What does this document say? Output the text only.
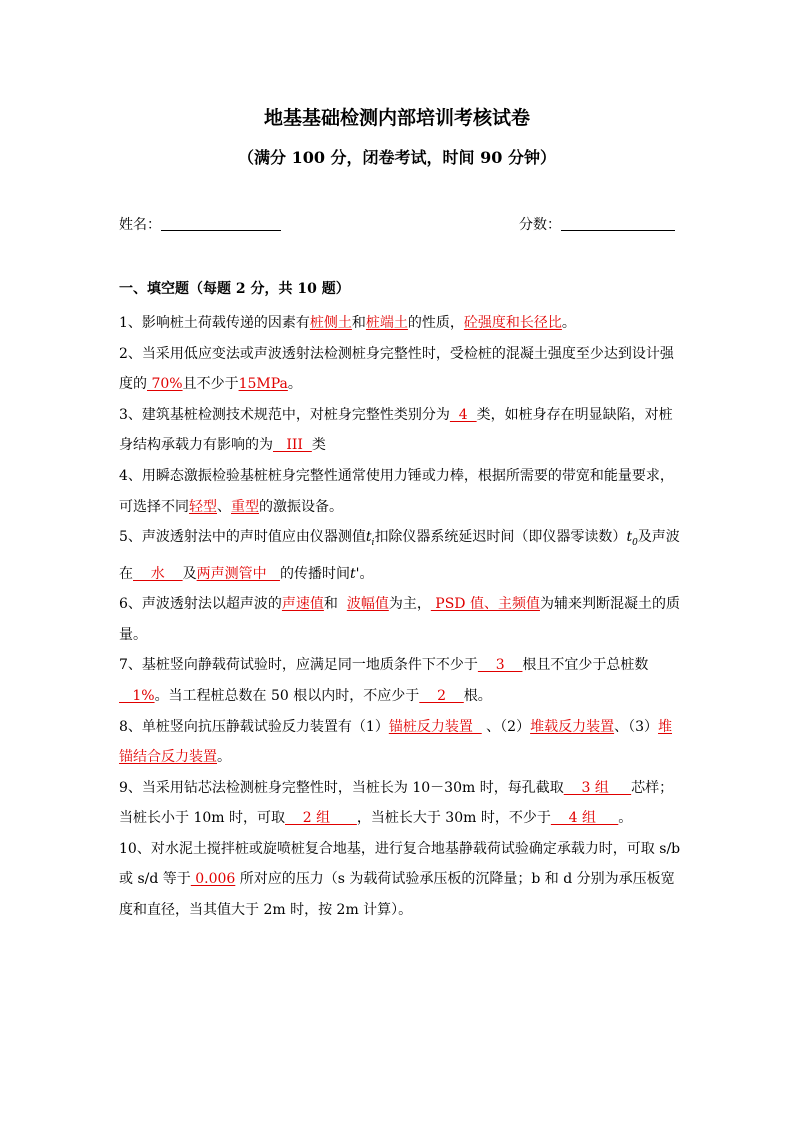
地基基础检测内部培训考核试卷
（满分 100 分，闭卷考试，时间 90 分钟）
姓名：	分数：
一、填空题（每题 2 分，共 10 题）

1、影响桩土荷载传递的因素有桩侧土和桩端土的性质，砼强度和长径比。

2、当采用低应变法或声波透射法检测桩身完整性时，受检桩的混凝土强度至少达到设计强度的 70%且不少于15MPa。

3、建筑基桩检测技术规范中，对桩身完整性类别分为  4  类，如桩身存在明显缺陷，对桩身结构承载力有影响的为   III  类

4、用瞬态激振检验基桩桩身完整性通常使用力锤或力棒，根据所需要的带宽和能量要求，可选择不同轻型、重型的激振设备。

5、声波透射法中的声时值应由仪器测值$t_i$扣除仪器系统延迟时间（即仪器零读数）$t_0$及声波在    水    及两声测管中   的传播时间t'。

6、声波透射法以超声波的声速值和  波幅值为主， PSD 值、主频值为辅来判断混凝土的质量。

7、基桩竖向静载荷试验时，应满足同一地质条件下不少于    3    根且不宜少于总桩数   1%。当工程桩总数在 50 根以内时，不应少于    2    根。

8、单桩竖向抗压静载试验反力装置有（1）锚桩反力装置   、（2）堆载反力装置、（3）堆锚结合反力装置。

9、当采用钻芯法检测桩身完整性时，当桩长为 10－30m 时，每孔截取    3 组     芯样；当桩长小于 10m 时，可取    2 组      ，当桩长大于 30m 时，不少于    4 组     。

10、对水泥土搅拌桩或旋喷桩复合地基，进行复合地基静载荷试验确定承载力时，可取 s/b 或 s/d 等于 0.006 所对应的压力（s 为载荷试验承压板的沉降量；b 和 d 分别为承压板宽度和直径，当其值大于 2m 时，按 2m 计算）。
